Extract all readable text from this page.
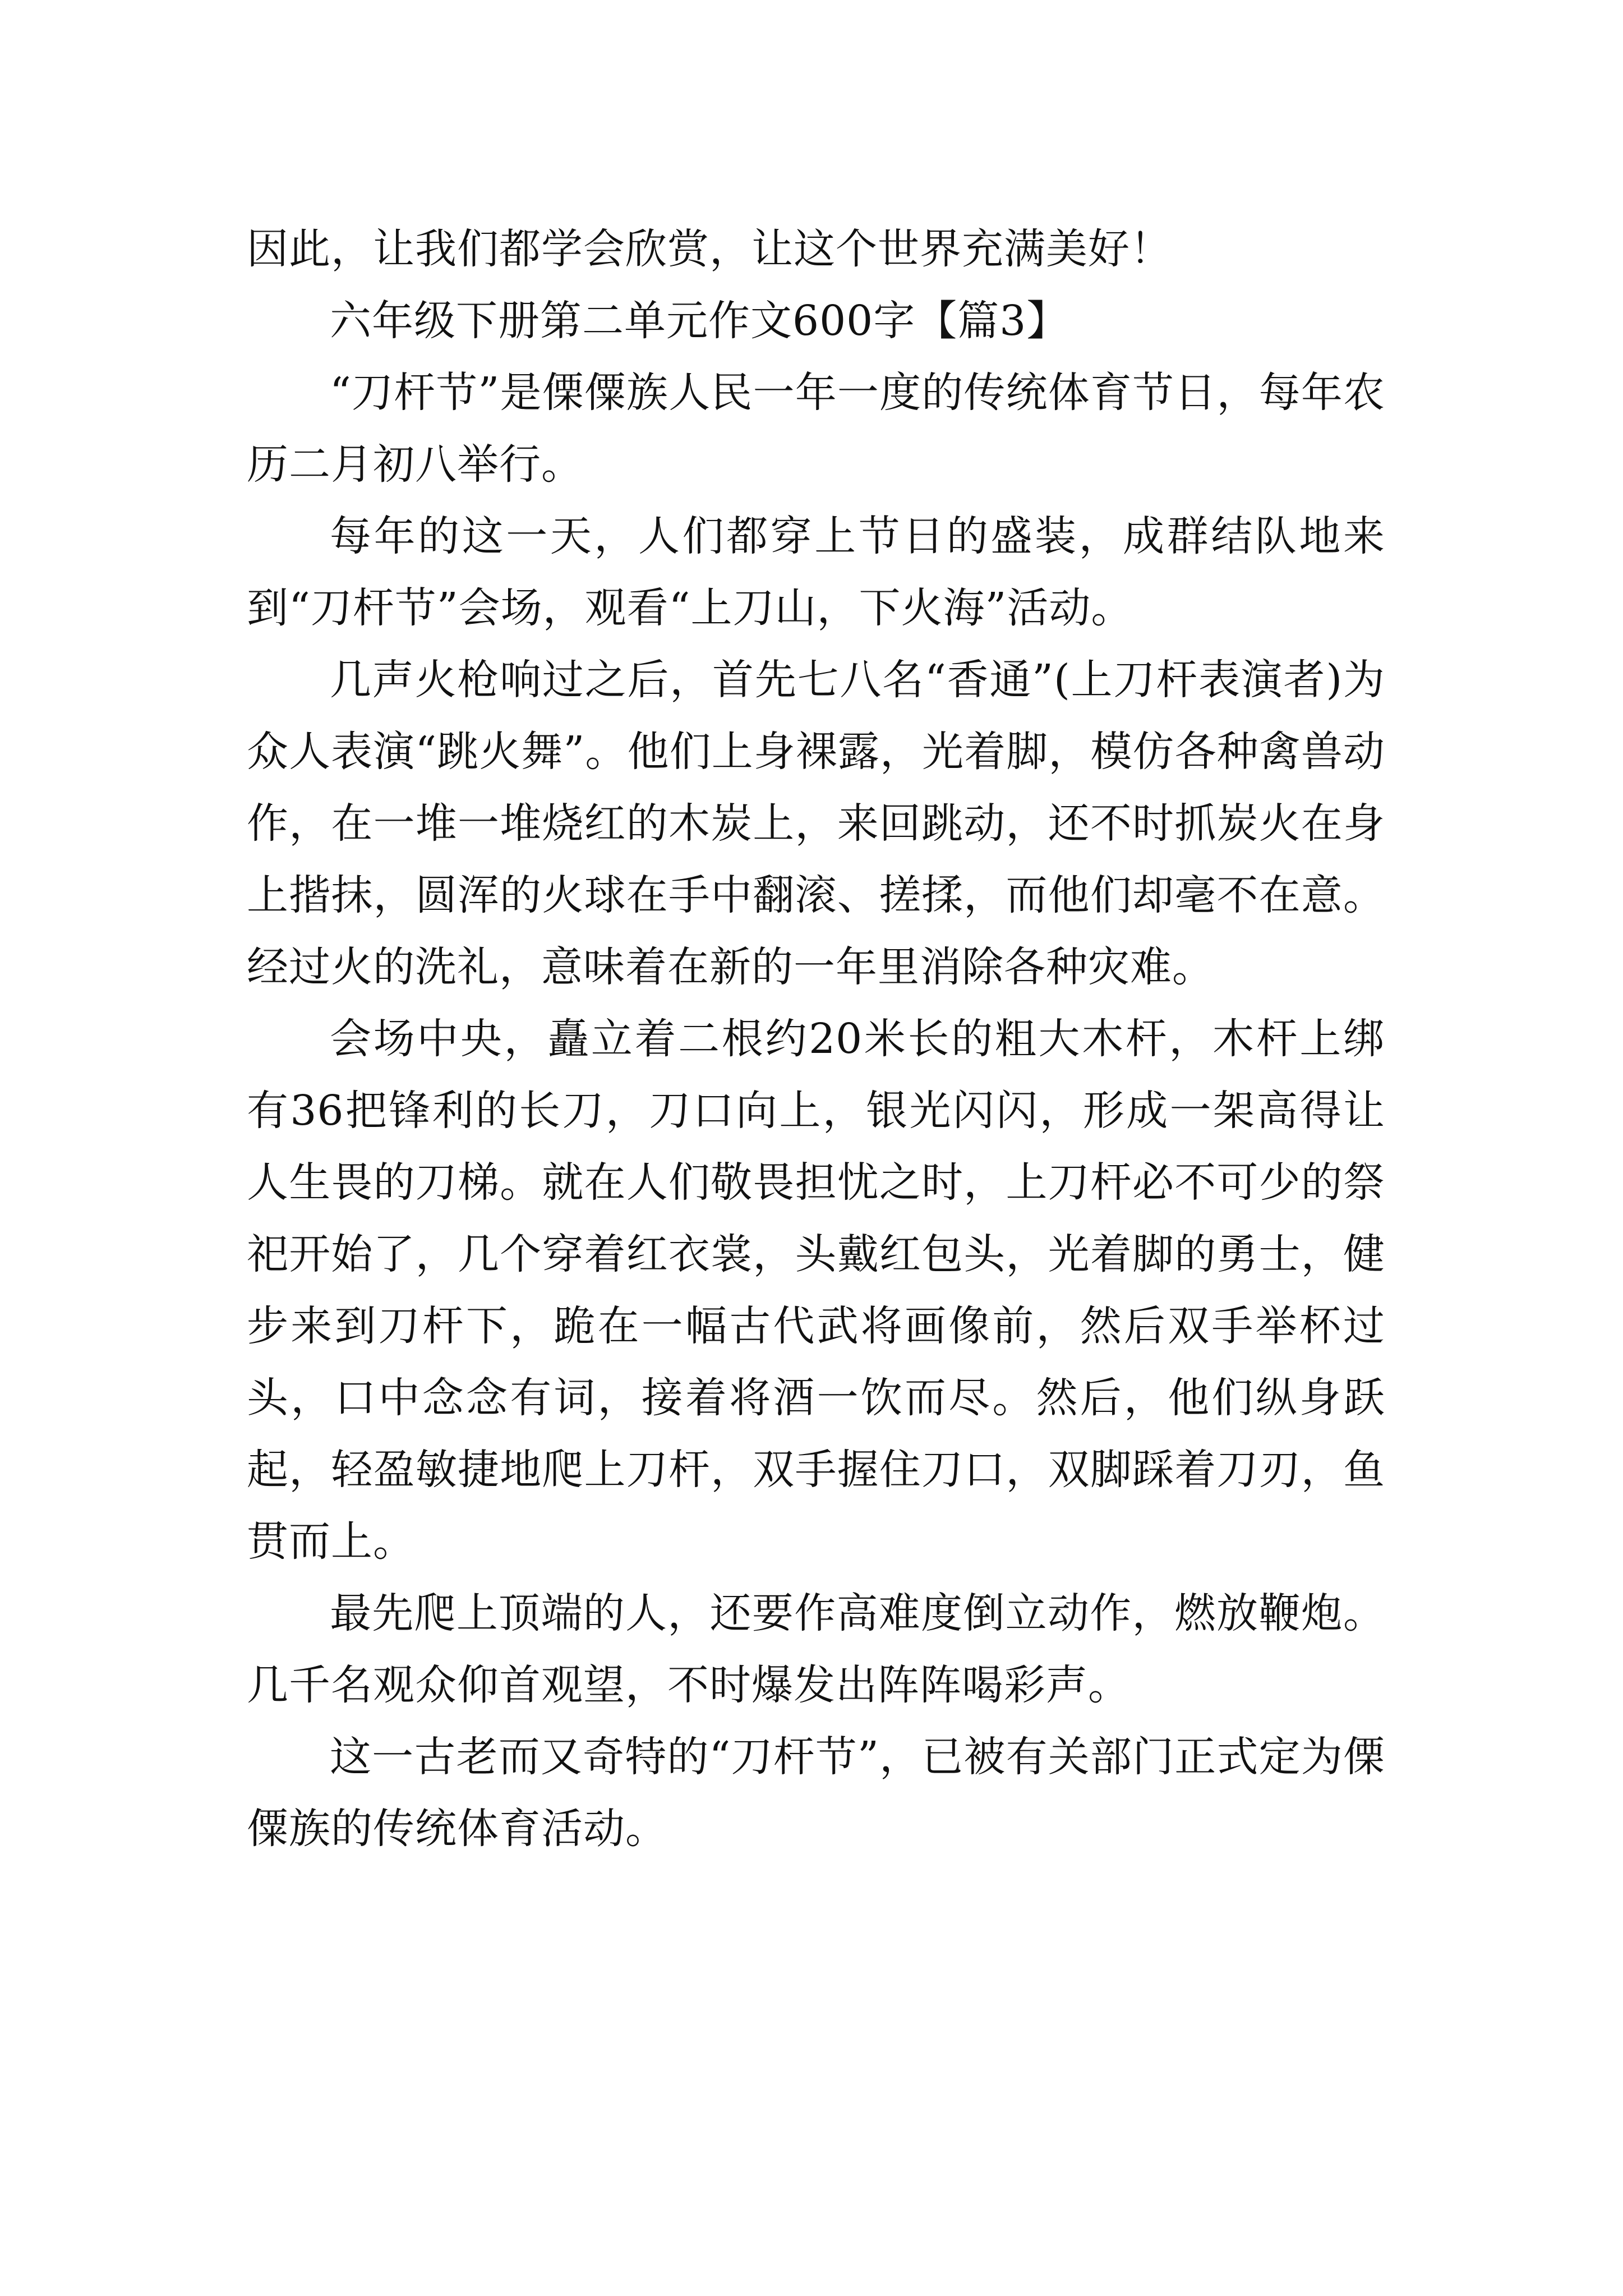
因此，让我们都学会欣赏，让这个世界充满美好！

六年级下册第二单元作文600字【篇3】

“刀杆节”是傈僳族人民一年一度的传统体育节日，每年农历二月初八举行。

每年的这一天，人们都穿上节日的盛装，成群结队地来到“刀杆节”会场，观看“上刀山，下火海”活动。

几声火枪响过之后，首先七八名“香通”(上刀杆表演者)为众人表演“跳火舞”。他们上身裸露，光着脚，模仿各种禽兽动作，在一堆一堆烧红的木炭上，来回跳动，还不时抓炭火在身上揩抹，圆浑的火球在手中翻滚、搓揉，而他们却毫不在意。经过火的洗礼，意味着在新的一年里消除各种灾难。

会场中央，矗立着二根约20米长的粗大木杆，木杆上绑有36把锋利的长刀，刀口向上，银光闪闪，形成一架高得让人生畏的刀梯。就在人们敬畏担忧之时，上刀杆必不可少的祭祀开始了，几个穿着红衣裳，头戴红包头，光着脚的勇士，健步来到刀杆下，跪在一幅古代武将画像前，然后双手举杯过头，口中念念有词，接着将酒一饮而尽。然后，他们纵身跃起，轻盈敏捷地爬上刀杆，双手握住刀口，双脚踩着刀刃，鱼贯而上。

最先爬上顶端的人，还要作高难度倒立动作，燃放鞭炮。几千名观众仰首观望，不时爆发出阵阵喝彩声。

这一古老而又奇特的“刀杆节”，已被有关部门正式定为傈僳族的传统体育活动。
